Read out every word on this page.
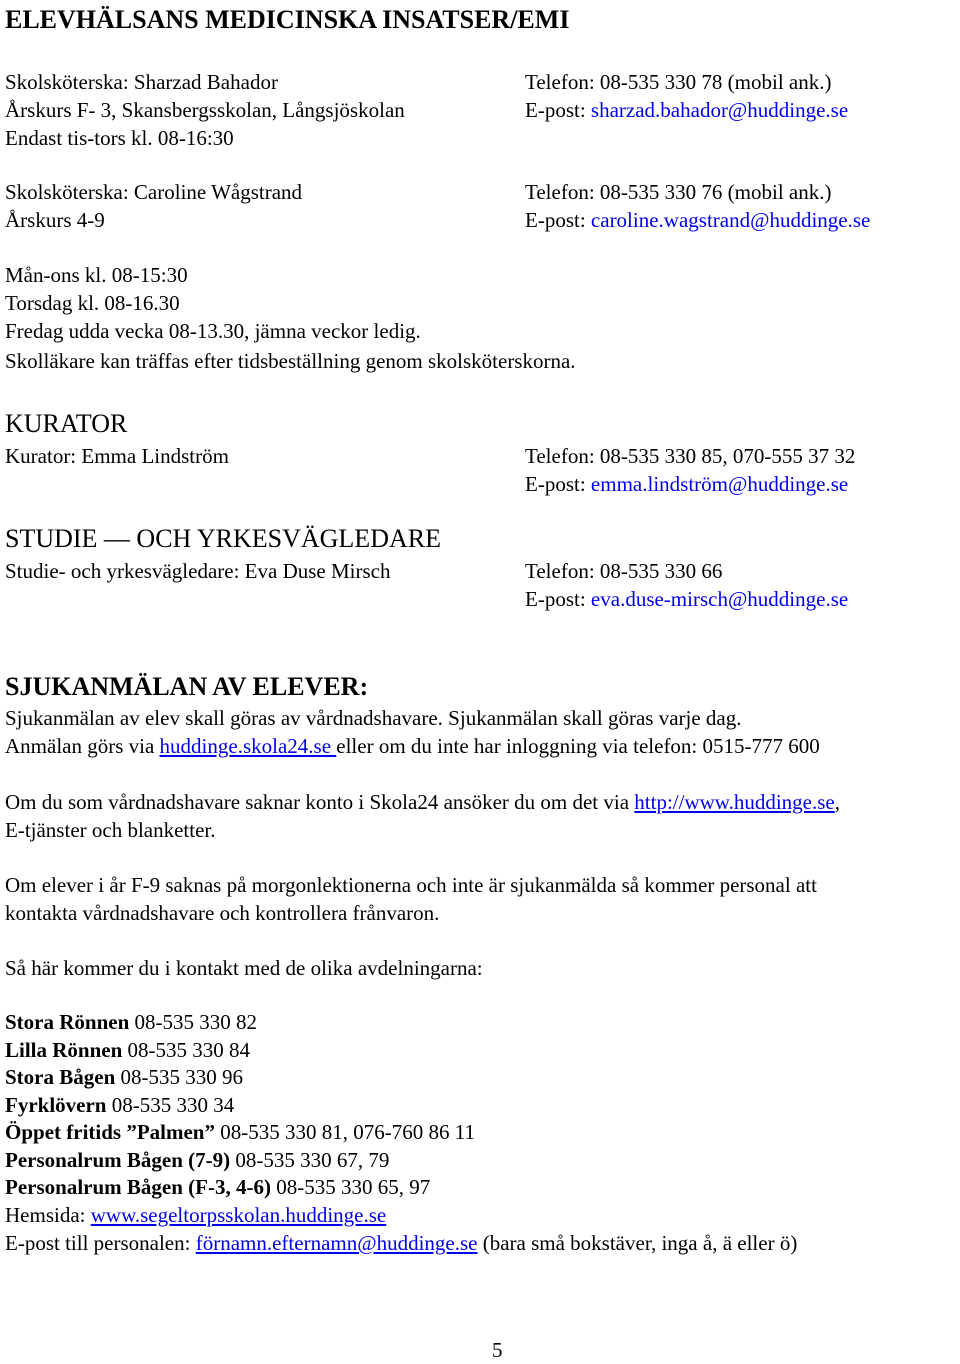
ELEVHÄLSANS MEDICINSKA INSATSER/EMI
Skolsköterska: Sharzad Bahador
Årskurs F- 3, Skansbergsskolan, Långsjöskolan
Endast tis-tors kl. 08-16:30
Telefon: 08-535 330 78 (mobil ank.)
E-post: sharzad.bahador@huddinge.se
Skolsköterska: Caroline Wågstrand
Årskurs 4-9
Telefon: 08-535 330 76 (mobil ank.)
E-post: caroline.wagstrand@huddinge.se
Mån-ons kl. 08-15:30
Torsdag kl. 08-16.30
Fredag udda vecka 08-13.30, jämna veckor ledig.
Skolläkare kan träffas efter tidsbeställning genom skolsköterskorna.
KURATOR
Kurator: Emma Lindström	Telefon: 08-535 330 85, 070-555 37 32
E-post: emma.lindström@huddinge.se
STUDIE — OCH YRKESVÄGLEDARE
Studie- och yrkesvägledare: Eva Duse Mirsch	Telefon: 08-535 330 66
E-post: eva.duse-mirsch@huddinge.se
SJUKANMÄLAN AV ELEVER:
Sjukanmälan av elev skall göras av vårdnadshavare. Sjukanmälan skall göras varje dag.
Anmälan görs via huddinge.skola24.se eller om du inte har inloggning via telefon: 0515-777 600
Om du som vårdnadshavare saknar konto i Skola24 ansöker du om det via http://www.huddinge.se,
E-tjänster och blanketter.
Om elever i år F-9 saknas på morgonlektionerna och inte är sjukanmälda så kommer personal att
kontakta vårdnadshavare och kontrollera frånvaron.
Så här kommer du i kontakt med de olika avdelningarna:
Stora Rönnen 08-535 330 82
Lilla Rönnen 08-535 330 84
Stora Bågen 08-535 330 96
Fyrklövern 08-535 330 34
Öppet fritids ”Palmen” 08-535 330 81, 076-760 86 11
Personalrum Bågen (7-9) 08-535 330 67, 79
Personalrum Bågen (F-3, 4-6) 08-535 330 65, 97
Hemsida: www.segeltorpsskolan.huddinge.se
E-post till personalen: förnamn.efternamn@huddinge.se (bara små bokstäver, inga å, ä eller ö)
5
